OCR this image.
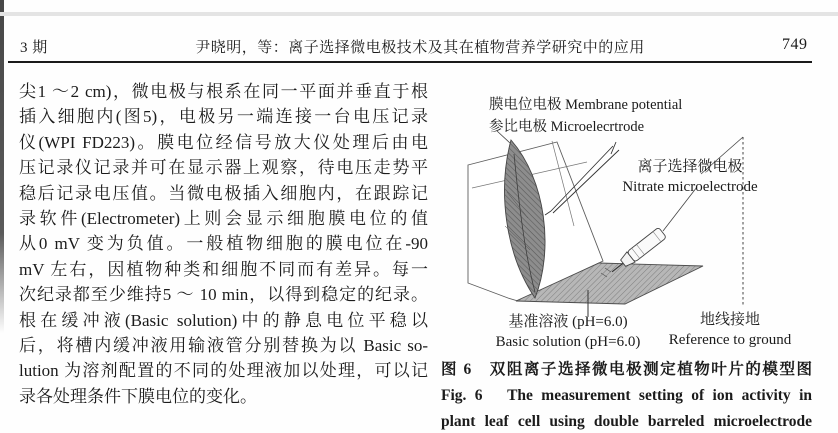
3 期	尹晓明，等：离子选择微电极技术及其在植物营养学研究中的应用	749
尖1 ～2 cm)，微电极与根系在同一平面并垂直于根
插入细胞内(图5)，电极另一端连接一台电压记录
仪(WPI FD223)。膜电位经信号放大仪处理后由电
压记录仪记录并可在显示器上观察，待电压走势平
稳后记录电压值。当微电极插入细胞内，在跟踪记
录软件(Electrometer)上则会显示细胞膜电位的值
从0 mV 变为负值。一般植物细胞的膜电位在-90
mV 左右，因植物种类和细胞不同而有差异。每一
次纪录都至少维持5 ～ 10 min，以得到稳定的纪录。
根在缓冲液(Basic solution)中的静息电位平稳以
后，将槽内缓冲液用输液管分别替换为以 Basic so-
lution 为溶剂配置的不同的处理液加以处理，可以记
录各处理条件下膜电位的变化。
膜电位电极 Membrane potential
参比电极 Microelecrtrode
离子选择微电极
Nitrate microelectrode
基准溶液 (pH=6.0)
Basic solution (pH=6.0)
地线接地
Reference to ground
图 6　双阻离子选择微电极测定植物叶片的模型图
Fig. 6　The measurement setting of ion activity in
plant leaf cell using double barreled microelectrode
